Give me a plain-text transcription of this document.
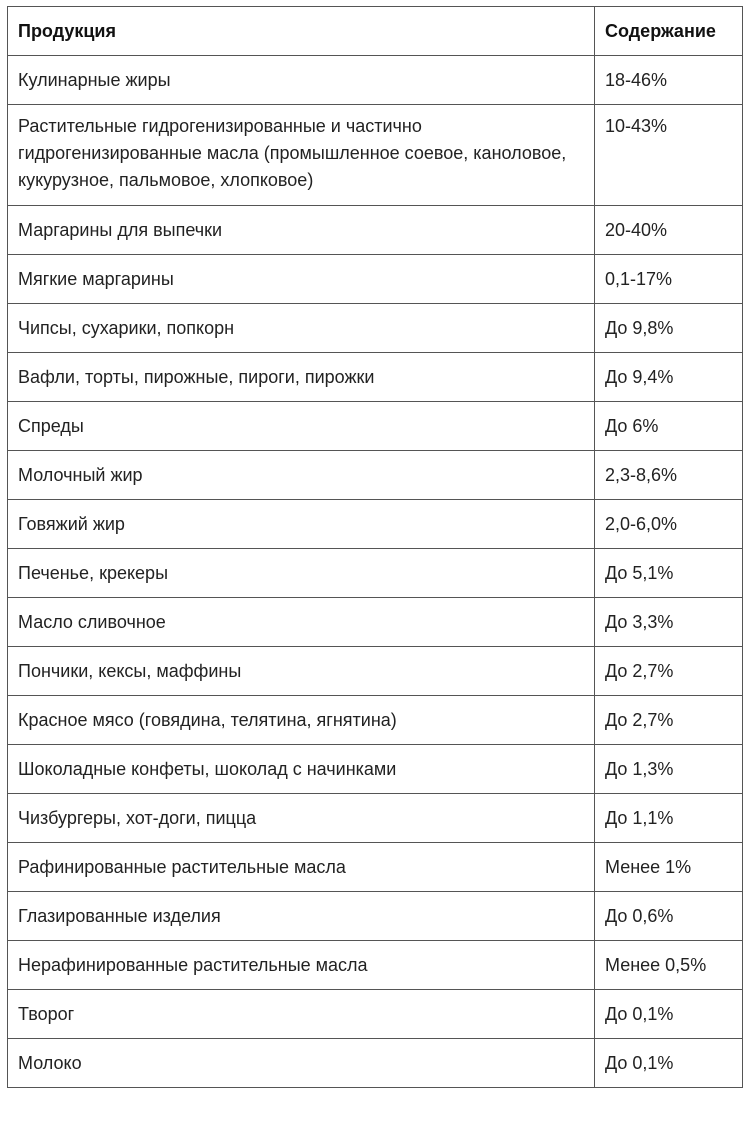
Продукция	Содержание
Кулинарные жиры	18-46%
Растительные гидрогенизированные и частично гидрогенизированные масла (промышленное соевое, каноловое, кукурузное, пальмовое, хлопковое)	10-43%
Маргарины для выпечки	20-40%
Мягкие маргарины	0,1-17%
Чипсы, сухарики, попкорн	До 9,8%
Вафли, торты, пирожные, пироги, пирожки	До 9,4%
Спреды	До 6%
Молочный жир	2,3-8,6%
Говяжий жир	2,0-6,0%
Печенье, крекеры	До 5,1%
Масло сливочное	До 3,3%
Пончики, кексы, маффины	До 2,7%
Красное мясо (говядина, телятина, ягнятина)	До 2,7%
Шоколадные конфеты, шоколад с начинками	До 1,3%
Чизбургеры, хот-доги, пицца	До 1,1%
Рафинированные растительные масла	Менее 1%
Глазированные изделия	До 0,6%
Нерафинированные растительные масла	Менее 0,5%
Творог	До 0,1%
Молоко	До 0,1%
